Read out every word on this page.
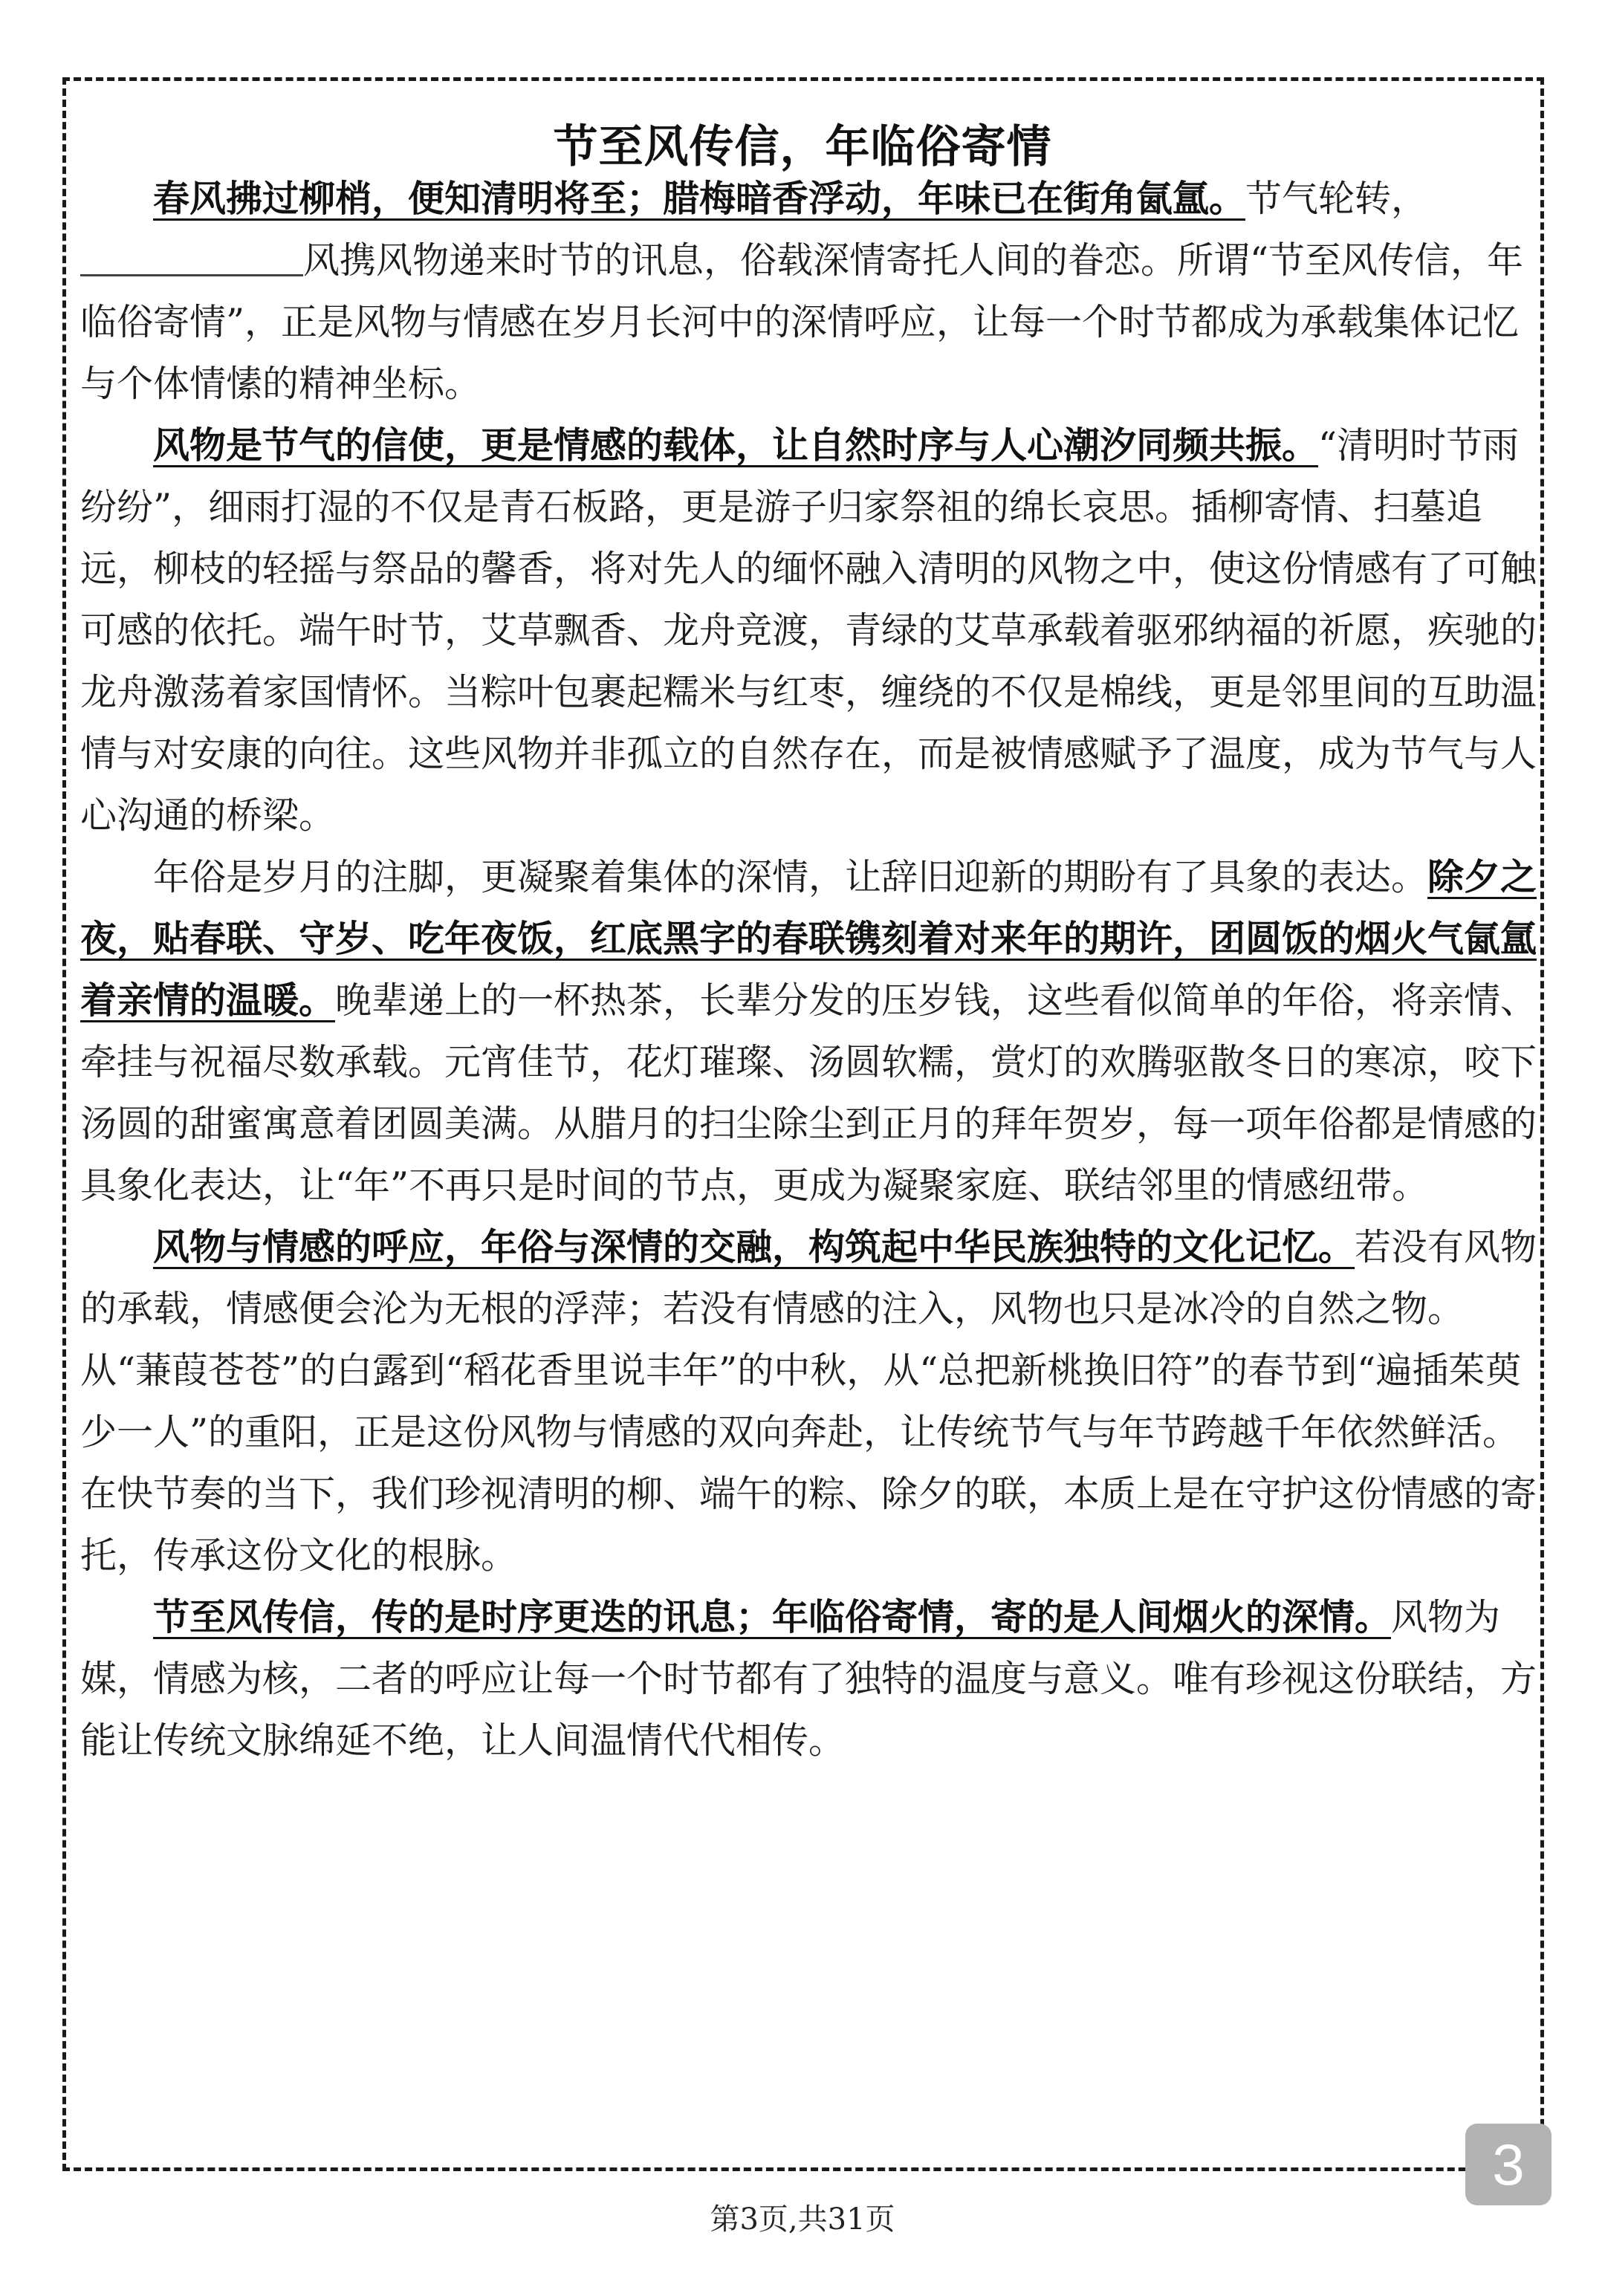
节至风传信，年临俗寄情

春风拂过柳梢，便知清明将至；腊梅暗香浮动，年味已在街角氤氲。节气轮转，风携风物递来时节的讯息，俗载深情寄托人间的眷恋。所谓“节至风传信，年临俗寄情”，正是风物与情感在岁月长河中的深情呼应，让每一个时节都成为承载集体记忆与个体情愫的精神坐标。

风物是节气的信使，更是情感的载体，让自然时序与人心潮汐同频共振。“清明时节雨纷纷”，细雨打湿的不仅是青石板路，更是游子归家祭祖的绵长哀思。插柳寄情、扫墓追远，柳枝的轻摇与祭品的馨香，将对先人的缅怀融入清明的风物之中，使这份情感有了可触可感的依托。端午时节，艾草飘香、龙舟竞渡，青绿的艾草承载着驱邪纳福的祈愿，疾驰的龙舟激荡着家国情怀。当粽叶包裹起糯米与红枣，缠绕的不仅是棉线，更是邻里间的互助温情与对安康的向往。这些风物并非孤立的自然存在，而是被情感赋予了温度，成为节气与人心沟通的桥梁。

年俗是岁月的注脚，更凝聚着集体的深情，让辞旧迎新的期盼有了具象的表达。除夕之夜，贴春联、守岁、吃年夜饭，红底黑字的春联镌刻着对来年的期许，团圆饭的烟火气氤氲着亲情的温暖。晚辈递上的一杯热茶，长辈分发的压岁钱，这些看似简单的年俗，将亲情、牵挂与祝福尽数承载。元宵佳节，花灯璀璨、汤圆软糯，赏灯的欢腾驱散冬日的寒凉，咬下汤圆的甜蜜寓意着团圆美满。从腊月的扫尘除尘到正月的拜年贺岁，每一项年俗都是情感的具象化表达，让“年”不再只是时间的节点，更成为凝聚家庭、联结邻里的情感纽带。

风物与情感的呼应，年俗与深情的交融，构筑起中华民族独特的文化记忆。若没有风物的承载，情感便会沦为无根的浮萍；若没有情感的注入，风物也只是冰冷的自然之物。从“蒹葭苍苍”的白露到“稻花香里说丰年”的中秋，从“总把新桃换旧符”的春节到“遍插茱萸少一人”的重阳，正是这份风物与情感的双向奔赴，让传统节气与年节跨越千年依然鲜活。在快节奏的当下，我们珍视清明的柳、端午的粽、除夕的联，本质上是在守护这份情感的寄托，传承这份文化的根脉。

节至风传信，传的是时序更迭的讯息；年临俗寄情，寄的是人间烟火的深情。风物为媒，情感为核，二者的呼应让每一个时节都有了独特的温度与意义。唯有珍视这份联结，方能让传统文脉绵延不绝，让人间温情代代相传。

第3页,共31页
3
